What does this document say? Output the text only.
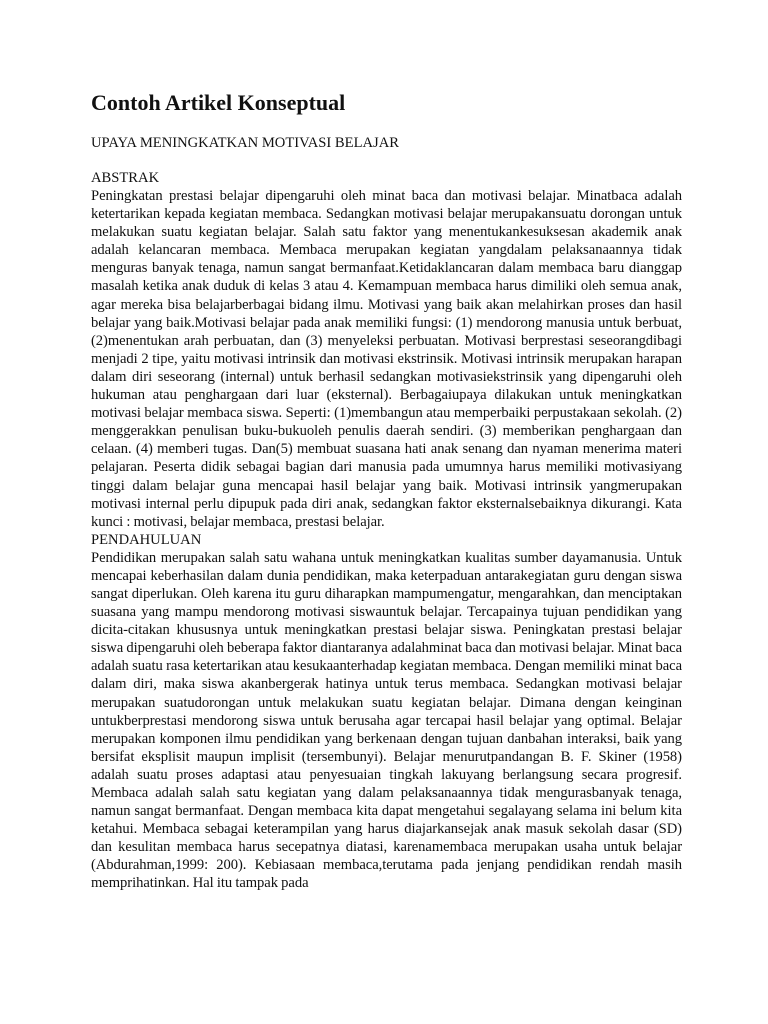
Contoh Artikel Konseptual
UPAYA MENINGKATKAN MOTIVASI BELAJAR
ABSTRAK

Peningkatan prestasi belajar dipengaruhi oleh minat baca dan motivasi belajar. Minatbaca adalah ketertarikan kepada kegiatan membaca. Sedangkan motivasi belajar merupakansuatu dorongan untuk melakukan suatu kegiatan belajar. Salah satu faktor yang menentukankesuksesan akademik anak adalah kelancaran membaca. Membaca merupakan kegiatan yangdalam pelaksanaannya tidak menguras banyak tenaga, namun sangat bermanfaat.Ketidaklancaran dalam membaca baru dianggap masalah ketika anak duduk di kelas 3 atau 4. Kemampuan membaca harus dimiliki oleh semua anak, agar mereka bisa belajarberbagai bidang ilmu. Motivasi yang baik akan melahirkan proses dan hasil belajar yang baik.Motivasi belajar pada anak memiliki fungsi: (1) mendorong manusia untuk berbuat, (2)menentukan arah perbuatan, dan (3) menyeleksi perbuatan. Motivasi berprestasi seseorangdibagi menjadi 2 tipe, yaitu motivasi intrinsik dan motivasi ekstrinsik. Motivasi intrinsik merupakan harapan dalam diri seseorang (internal) untuk berhasil sedangkan motivasiekstrinsik yang dipengaruhi oleh hukuman atau penghargaan dari luar (eksternal). Berbagaiupaya dilakukan untuk meningkatkan motivasi belajar membaca siswa. Seperti: (1)membangun atau memperbaiki perpustakaan sekolah. (2) menggerakkan penulisan buku-bukuoleh penulis daerah sendiri. (3) memberikan penghargaan dan celaan. (4) memberi tugas. Dan(5) membuat suasana hati anak senang dan nyaman menerima materi pelajaran. Peserta didik sebagai bagian dari manusia pada umumnya harus memiliki motivasiyang tinggi dalam belajar guna mencapai hasil belajar yang baik. Motivasi intrinsik yangmerupakan motivasi internal perlu dipupuk pada diri anak, sedangkan faktor eksternalsebaiknya dikurangi. Kata kunci : motivasi, belajar membaca, prestasi belajar.

PENDAHULUAN

Pendidikan merupakan salah satu wahana untuk meningkatkan kualitas sumber dayamanusia. Untuk mencapai keberhasilan dalam dunia pendidikan, maka keterpaduan antarakegiatan guru dengan siswa sangat diperlukan. Oleh karena itu guru diharapkan mampumengatur, mengarahkan, dan menciptakan suasana yang mampu mendorong motivasi siswauntuk belajar. Tercapainya tujuan pendidikan yang dicita-citakan khususnya untuk meningkatkan prestasi belajar siswa. Peningkatan prestasi belajar siswa dipengaruhi oleh beberapa faktor diantaranya adalahminat baca dan motivasi belajar. Minat baca adalah suatu rasa ketertarikan atau kesukaanterhadap kegiatan membaca. Dengan memiliki minat baca dalam diri, maka siswa akanbergerak hatinya untuk terus membaca. Sedangkan motivasi belajar merupakan suatudorongan untuk melakukan suatu kegiatan belajar. Dimana dengan keinginan untukberprestasi mendorong siswa untuk berusaha agar tercapai hasil belajar yang optimal. Belajar merupakan komponen ilmu pendidikan yang berkenaan dengan tujuan danbahan interaksi, baik yang bersifat eksplisit maupun implisit (tersembunyi). Belajar menurutpandangan B. F. Skiner (1958) adalah suatu proses adaptasi atau penyesuaian tingkah lakuyang berlangsung secara progresif. Membaca adalah salah satu kegiatan yang dalam pelaksanaannya tidak mengurasbanyak tenaga, namun sangat bermanfaat. Dengan membaca kita dapat mengetahui segalayang selama ini belum kita ketahui. Membaca sebagai keterampilan yang harus diajarkansejak anak masuk sekolah dasar (SD) dan kesulitan membaca harus secepatnya diatasi, karenamembaca merupakan usaha untuk belajar (Abdurahman,1999: 200). Kebiasaan membaca,terutama pada jenjang pendidikan rendah masih memprihatinkan. Hal itu tampak pada
